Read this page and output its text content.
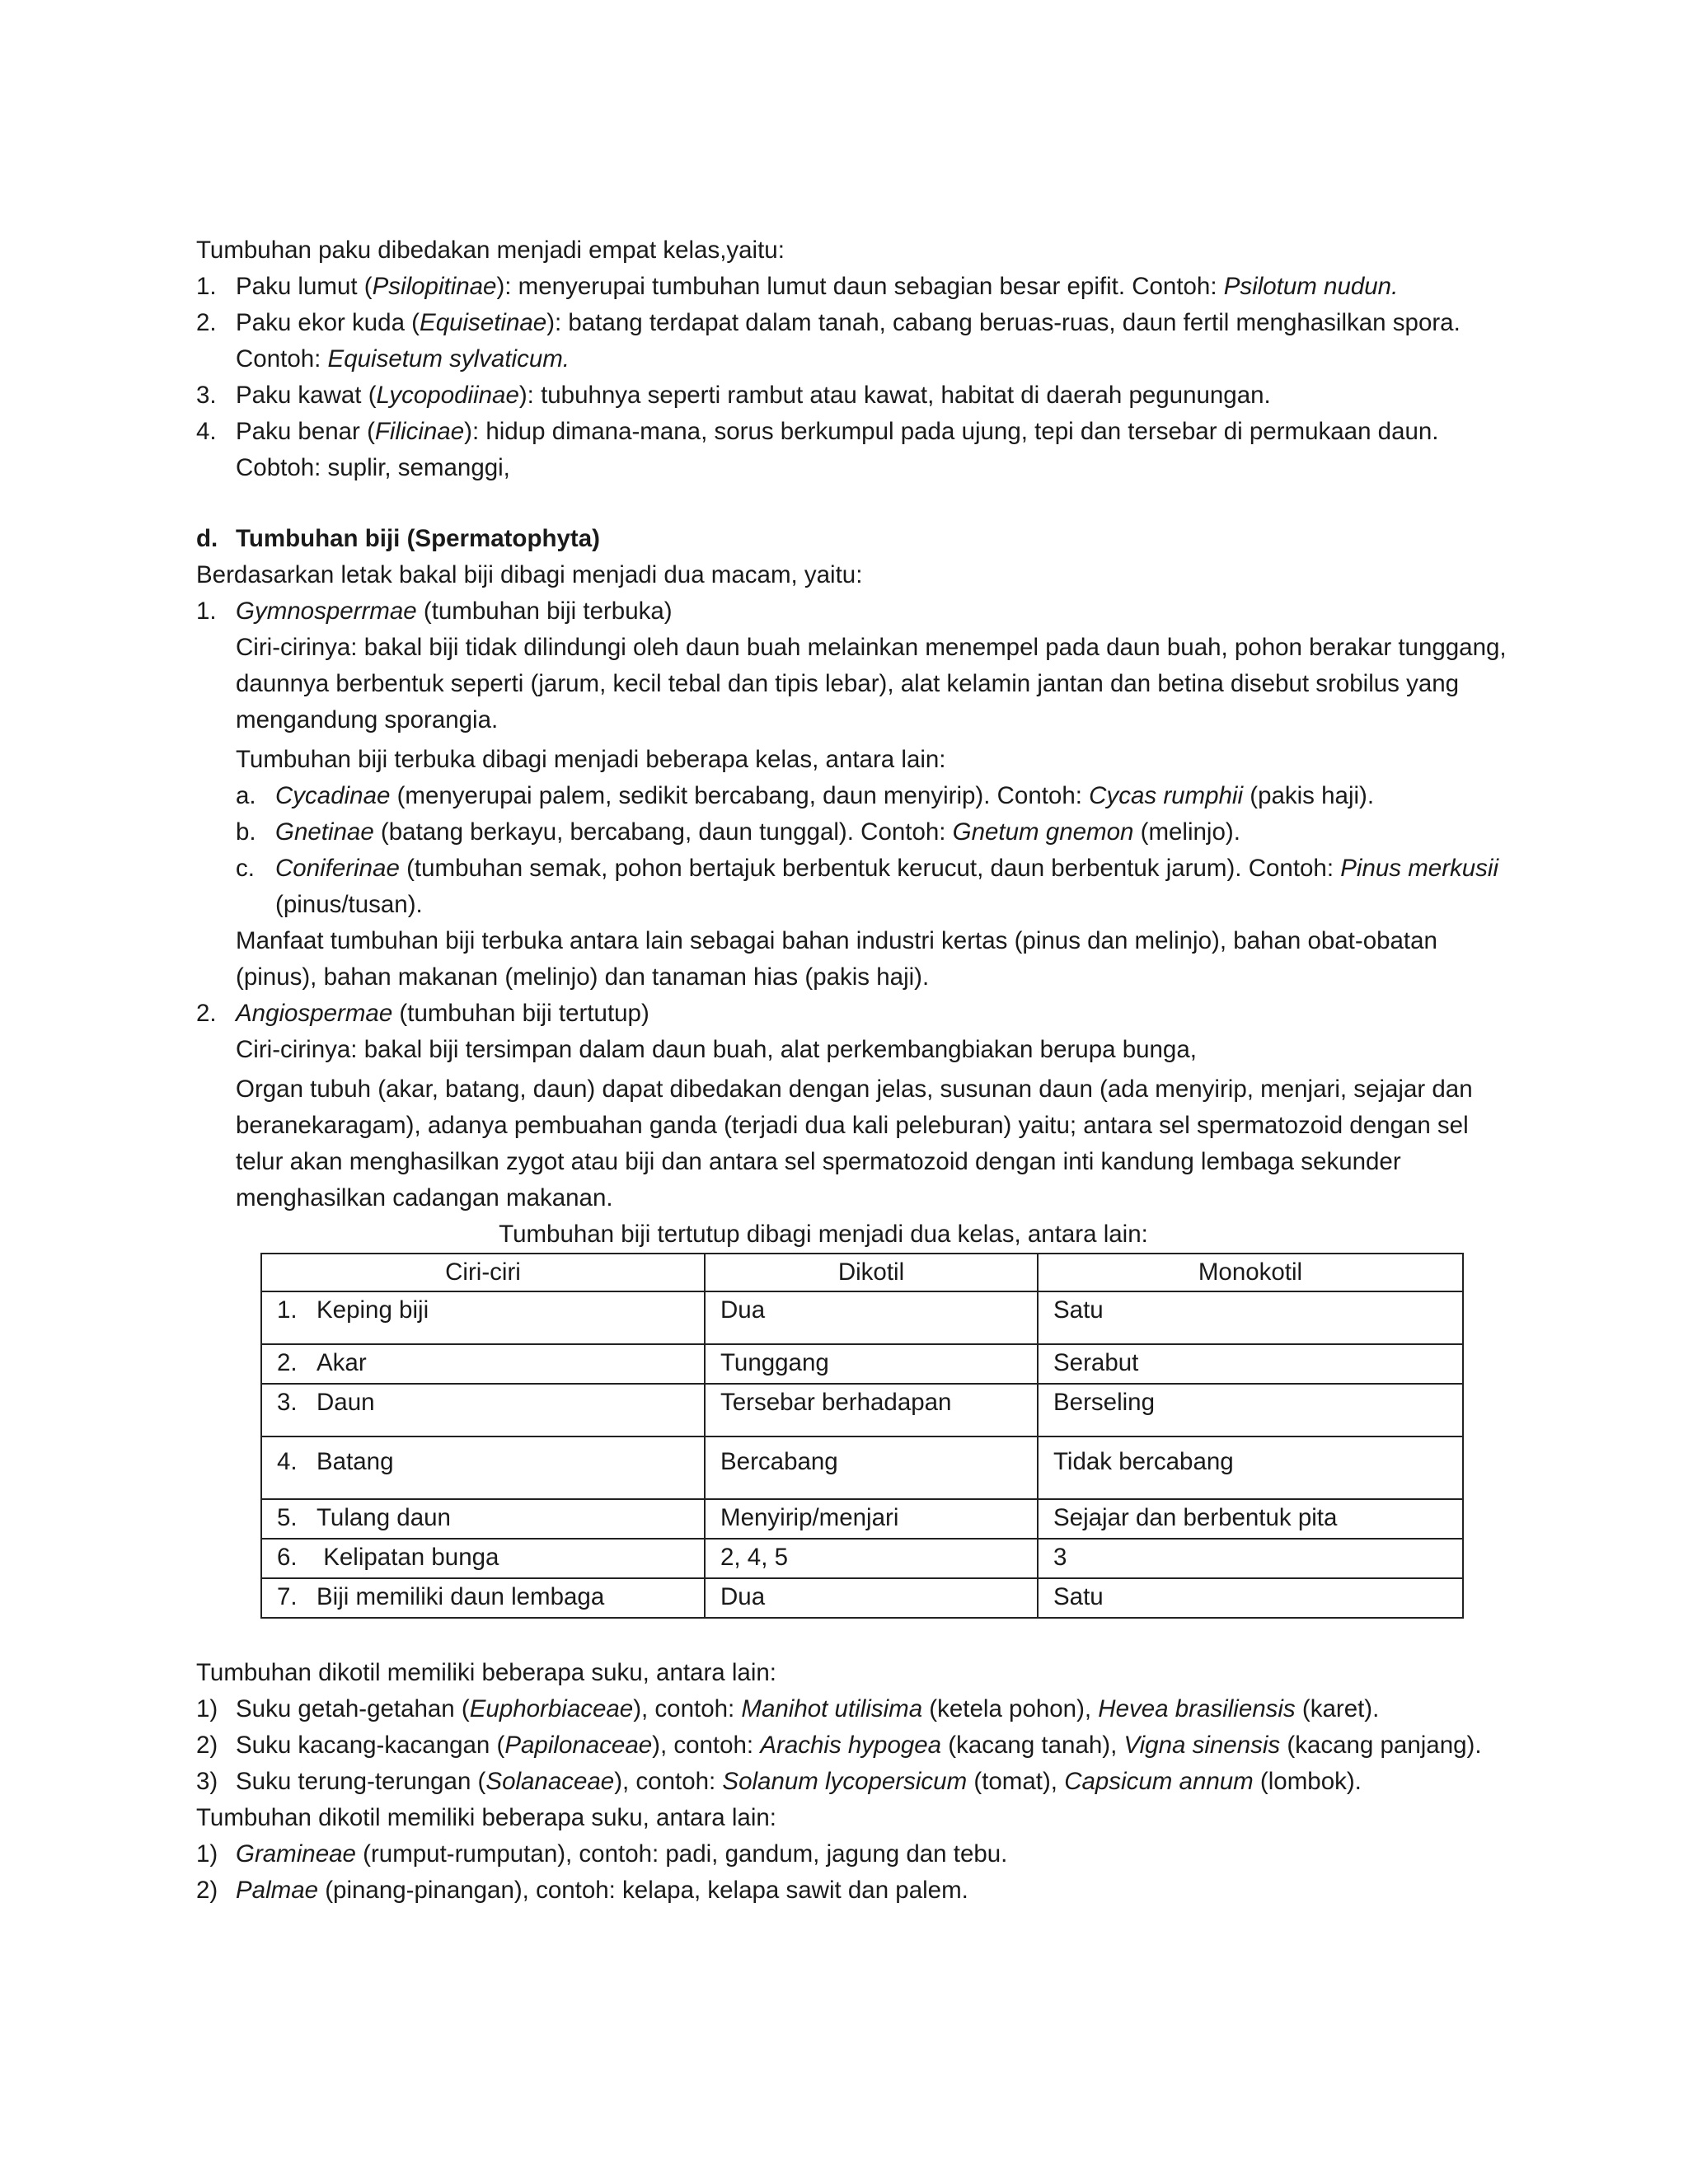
Tumbuhan paku dibedakan menjadi empat kelas,yaitu:

1. Paku lumut (Psilopitinae): menyerupai tumbuhan lumut daun sebagian besar epifit. Contoh: Psilotum nudun.
2. Paku ekor kuda (Equisetinae): batang terdapat dalam tanah, cabang beruas-ruas, daun fertil menghasilkan spora. Contoh: Equisetum sylvaticum.
3. Paku kawat (Lycopodiinae): tubuhnya seperti rambut atau kawat, habitat di daerah pegunungan.
4. Paku benar (Filicinae): hidup dimana-mana, sorus berkumpul pada ujung, tepi dan tersebar di permukaan daun. Cobtoh: suplir, semanggi,

d. Tumbuhan biji (Spermatophyta)

Berdasarkan letak bakal biji dibagi menjadi dua macam, yaitu:

1. Gymnosperrmae (tumbuhan biji terbuka)

Ciri-cirinya: bakal biji tidak dilindungi oleh daun buah melainkan menempel pada daun buah, pohon berakar tunggang, daunnya berbentuk seperti (jarum, kecil tebal dan tipis lebar), alat kelamin jantan dan betina disebut srobilus yang mengandung sporangia.

Tumbuhan biji terbuka dibagi menjadi beberapa kelas, antara lain:

a. Cycadinae (menyerupai palem, sedikit bercabang, daun menyirip). Contoh: Cycas rumphii (pakis haji).
b. Gnetinae (batang berkayu, bercabang, daun tunggal). Contoh: Gnetum gnemon (melinjo).
c. Coniferinae (tumbuhan semak, pohon bertajuk berbentuk kerucut, daun berbentuk jarum). Contoh: Pinus merkusii (pinus/tusan).

Manfaat tumbuhan biji terbuka antara lain sebagai bahan industri kertas (pinus dan melinjo), bahan obat-obatan (pinus), bahan makanan (melinjo) dan tanaman hias (pakis haji).

2. Angiospermae (tumbuhan biji tertutup)

Ciri-cirinya: bakal biji tersimpan dalam daun buah, alat perkembangbiakan berupa bunga,

Organ tubuh (akar, batang, daun) dapat dibedakan dengan jelas, susunan daun (ada menyirip, menjari, sejajar dan beranekaragam), adanya pembuahan ganda (terjadi dua kali peleburan) yaitu; antara sel spermatozoid dengan sel telur akan menghasilkan zygot atau biji dan antara sel spermatozoid dengan inti kandung lembaga sekunder menghasilkan cadangan makanan.

Tumbuhan biji tertutup dibagi menjadi dua kelas, antara lain:

Ciri-ciri	Dikotil	Monokotil
1. Keping biji	Dua	Satu
2. Akar	Tunggang	Serabut
3. Daun	Tersebar berhadapan	Berseling
4. Batang	Bercabang	Tidak bercabang
5. Tulang daun	Menyirip/menjari	Sejajar dan berbentuk pita
6. Kelipatan bunga	2, 4, 5	3
7. Biji memiliki daun lembaga	Dua	Satu

Tumbuhan dikotil memiliki beberapa suku, antara lain:

1) Suku getah-getahan (Euphorbiaceae), contoh: Manihot utilisima (ketela pohon), Hevea brasiliensis (karet).
2) Suku kacang-kacangan (Papilonaceae), contoh: Arachis hypogea (kacang tanah), Vigna sinensis (kacang panjang).
3) Suku terung-terungan (Solanaceae), contoh: Solanum lycopersicum (tomat), Capsicum annum (lombok).

Tumbuhan dikotil memiliki beberapa suku, antara lain:

1) Gramineae (rumput-rumputan), contoh: padi, gandum, jagung dan tebu.
2) Palmae (pinang-pinangan), contoh: kelapa, kelapa sawit dan palem.
